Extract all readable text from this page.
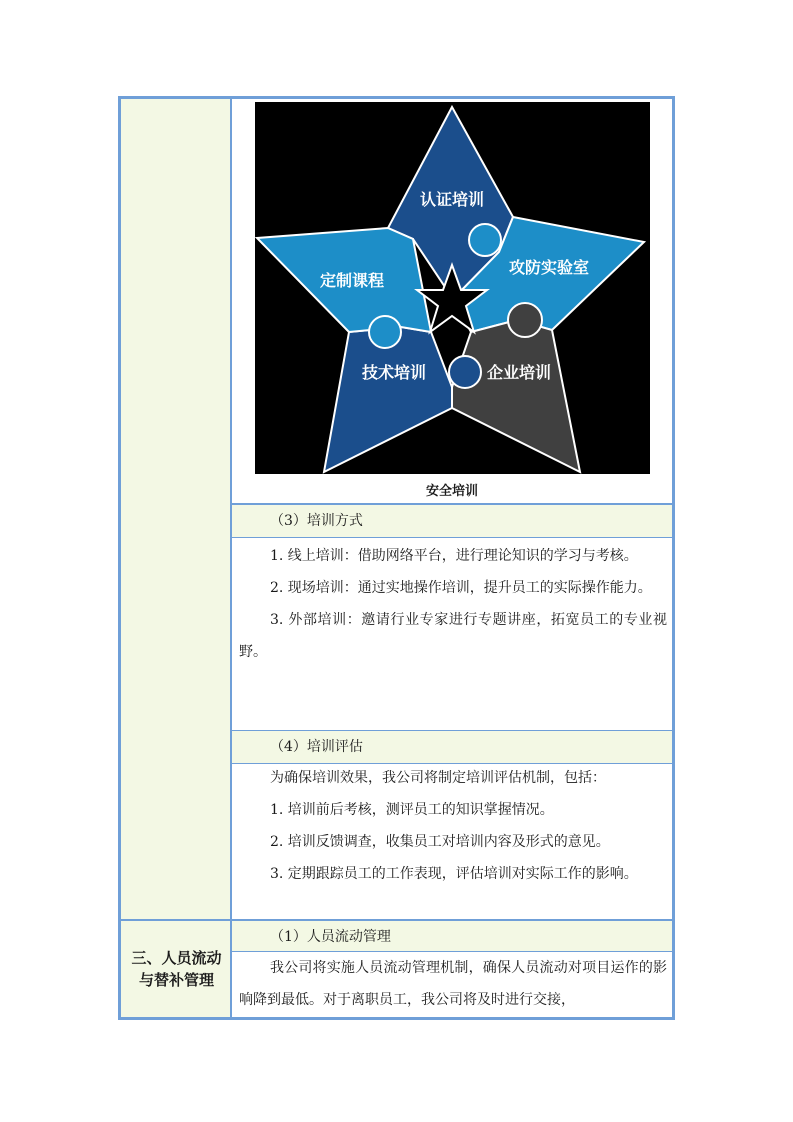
三、人员流动与替补管理
认证培训
攻防实验室
企业培训
技术培训
定制课程
安全培训
（3）培训方式

1. 线上培训：借助网络平台，进行理论知识的学习与考核。

2. 现场培训：通过实地操作培训，提升员工的实际操作能力。

3. 外部培训：邀请行业专家进行专题讲座，拓宽员工的专业视野。

（4）培训评估

为确保培训效果，我公司将制定培训评估机制，包括：

1. 培训前后考核，测评员工的知识掌握情况。

2. 培训反馈调查，收集员工对培训内容及形式的意见。

3. 定期跟踪员工的工作表现，评估培训对实际工作的影响。

（1）人员流动管理

我公司将实施人员流动管理机制，确保人员流动对项目运作的影响降到最低。对于离职员工，我公司将及时进行交接，
